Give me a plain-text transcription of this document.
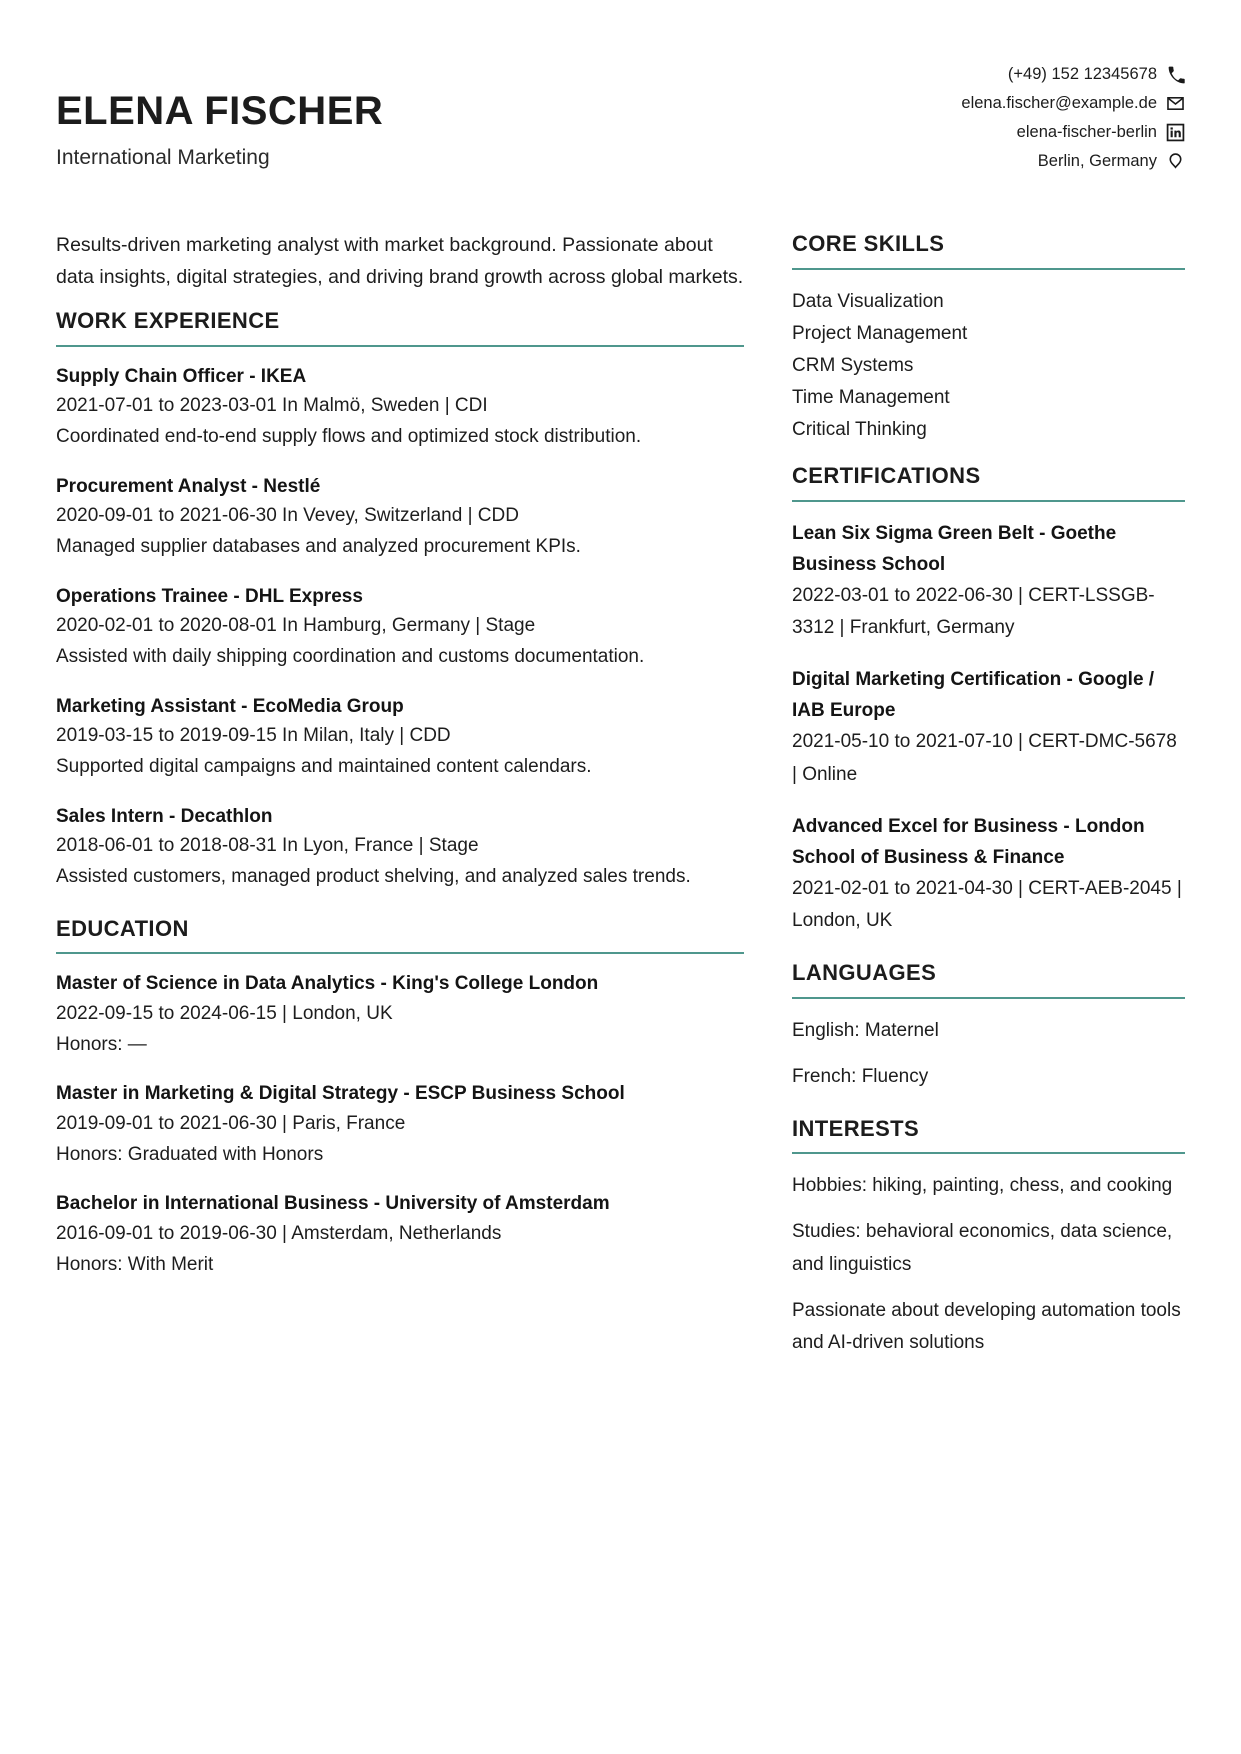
ELENA FISCHER
International Marketing
(+49) 152 12345678
elena.fischer@example.de
elena-fischer-berlin
Berlin, Germany
Results-driven marketing analyst with market background. Passionate about data insights, digital strategies, and driving brand growth across global markets.
WORK EXPERIENCE
Supply Chain Officer - IKEA
2021-07-01 to 2023-03-01 In Malmö, Sweden | CDI
Coordinated end-to-end supply flows and optimized stock distribution.
Procurement Analyst - Nestlé
2020-09-01 to 2021-06-30 In Vevey, Switzerland | CDD
Managed supplier databases and analyzed procurement KPIs.
Operations Trainee - DHL Express
2020-02-01 to 2020-08-01 In Hamburg, Germany | Stage
Assisted with daily shipping coordination and customs documentation.
Marketing Assistant - EcoMedia Group
2019-03-15 to 2019-09-15 In Milan, Italy | CDD
Supported digital campaigns and maintained content calendars.
Sales Intern - Decathlon
2018-06-01 to 2018-08-31 In Lyon, France | Stage
Assisted customers, managed product shelving, and analyzed sales trends.
EDUCATION
Master of Science in Data Analytics - King's College London
2022-09-15 to 2024-06-15 | London, UK
Honors: —
Master in Marketing & Digital Strategy - ESCP Business School
2019-09-01 to 2021-06-30 | Paris, France
Honors: Graduated with Honors
Bachelor in International Business - University of Amsterdam
2016-09-01 to 2019-06-30 | Amsterdam, Netherlands
Honors: With Merit
CORE SKILLS
Data Visualization
Project Management
CRM Systems
Time Management
Critical Thinking
CERTIFICATIONS
Lean Six Sigma Green Belt - Goethe Business School
2022-03-01 to 2022-06-30 | CERT-LSSGB-3312 | Frankfurt, Germany
Digital Marketing Certification - Google / IAB Europe
2021-05-10 to 2021-07-10 | CERT-DMC-5678 | Online
Advanced Excel for Business - London School of Business & Finance
2021-02-01 to 2021-04-30 | CERT-AEB-2045 | London, UK
LANGUAGES
English: Maternel
French: Fluency
INTERESTS
Hobbies: hiking, painting, chess, and cooking
Studies: behavioral economics, data science, and linguistics
Passionate about developing automation tools and AI-driven solutions
